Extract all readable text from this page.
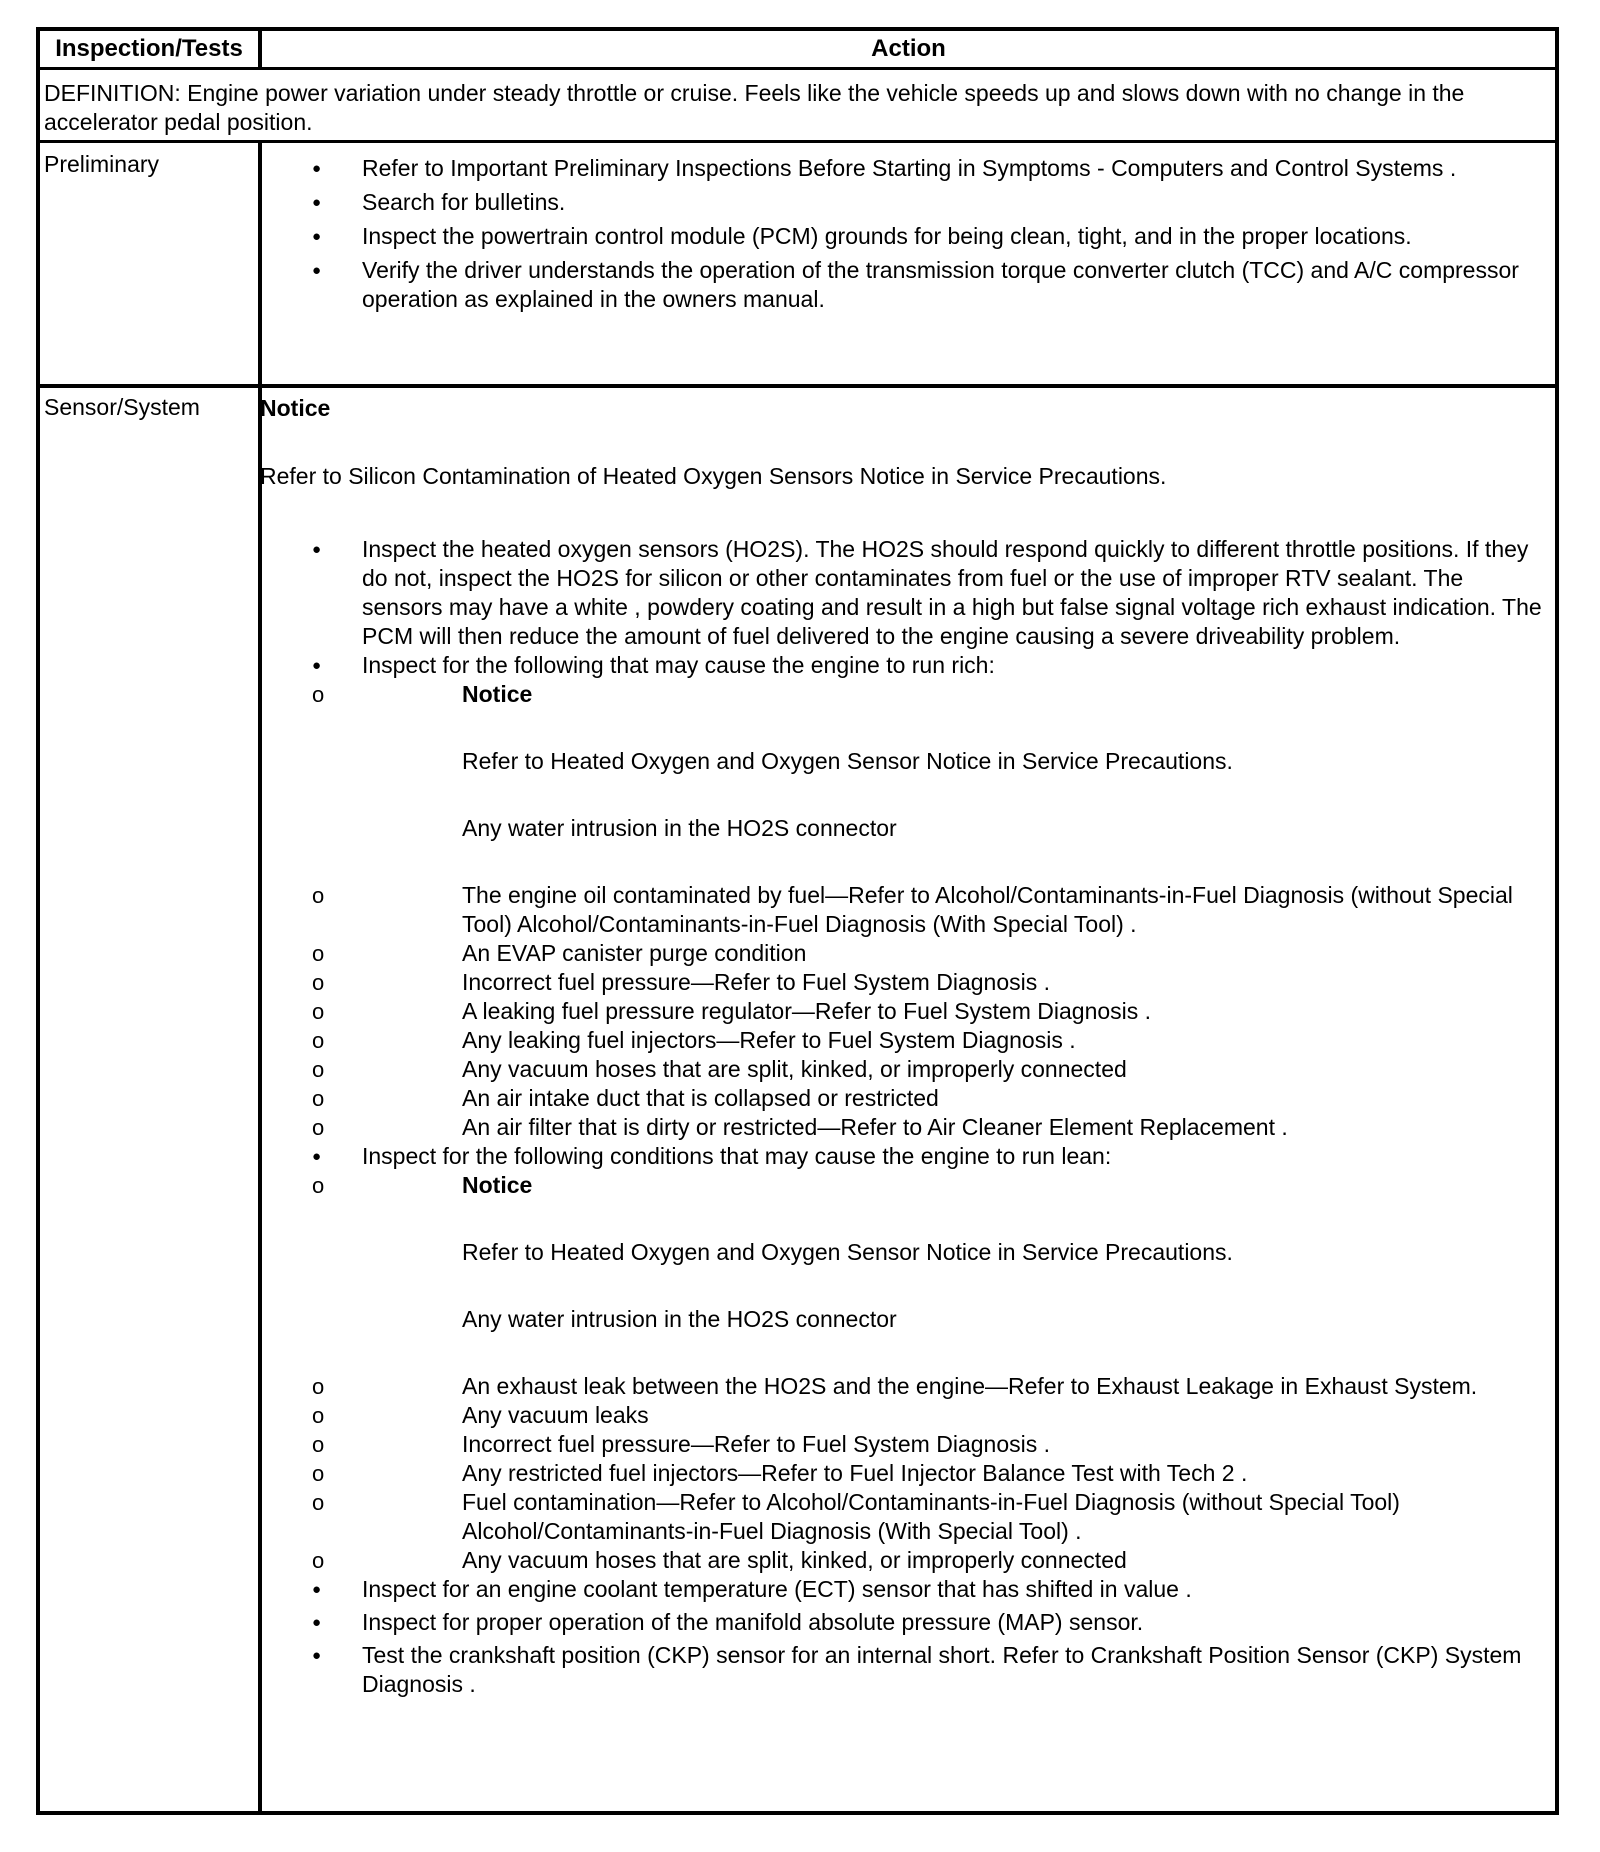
Inspection/Tests	Action
DEFINITION: Engine power variation under steady throttle or cruise. Feels like the vehicle speeds up and slows down with no change in the accelerator pedal position.
Preliminary
●	Refer to Important Preliminary Inspections Before Starting in Symptoms - Computers and Control Systems .
● Search for bulletins.
● Inspect the powertrain control module (PCM) grounds for being clean, tight, and in the proper locations.
● Verify the driver understands the operation of the transmission torque converter clutch (TCC) and A/C compressor operation as explained in the owners manual.
Sensor/System	Notice

Refer to Silicon Contamination of Heated Oxygen Sensors Notice in Service Precautions.

● Inspect the heated oxygen sensors (HO2S). The HO2S should respond quickly to different throttle positions. If they do not, inspect the HO2S for silicon or other contaminates from fuel or the use of improper RTV sealant. The sensors may have a white , powdery coating and result in a high but false signal voltage rich exhaust indication. The PCM will then reduce the amount of fuel delivered to the engine causing a severe driveability problem.
● Inspect for the following that may cause the engine to run rich:
o Notice

Refer to Heated Oxygen and Oxygen Sensor Notice in Service Precautions.

Any water intrusion in the HO2S connector

o The engine oil contaminated by fuel—Refer to Alcohol/Contaminants-in-Fuel Diagnosis (without Special Tool) Alcohol/Contaminants-in-Fuel Diagnosis (With Special Tool) .
o An EVAP canister purge condition
o Incorrect fuel pressure—Refer to Fuel System Diagnosis .
o A leaking fuel pressure regulator—Refer to Fuel System Diagnosis .
o Any leaking fuel injectors—Refer to Fuel System Diagnosis .
o Any vacuum hoses that are split, kinked, or improperly connected
o An air intake duct that is collapsed or restricted
o An air filter that is dirty or restricted—Refer to Air Cleaner Element Replacement .
● Inspect for the following conditions that may cause the engine to run lean:
o Notice

Refer to Heated Oxygen and Oxygen Sensor Notice in Service Precautions.

Any water intrusion in the HO2S connector

o An exhaust leak between the HO2S and the engine—Refer to Exhaust Leakage in Exhaust System.
o Any vacuum leaks
o Incorrect fuel pressure—Refer to Fuel System Diagnosis .
o Any restricted fuel injectors—Refer to Fuel Injector Balance Test with Tech 2 .
o Fuel contamination—Refer to Alcohol/Contaminants-in-Fuel Diagnosis (without Special Tool) Alcohol/Contaminants-in-Fuel Diagnosis (With Special Tool) .
o Any vacuum hoses that are split, kinked, or improperly connected
● Inspect for an engine coolant temperature (ECT) sensor that has shifted in value .
● Inspect for proper operation of the manifold absolute pressure (MAP) sensor.
● Test the crankshaft position (CKP) sensor for an internal short. Refer to Crankshaft Position Sensor (CKP) System Diagnosis .
